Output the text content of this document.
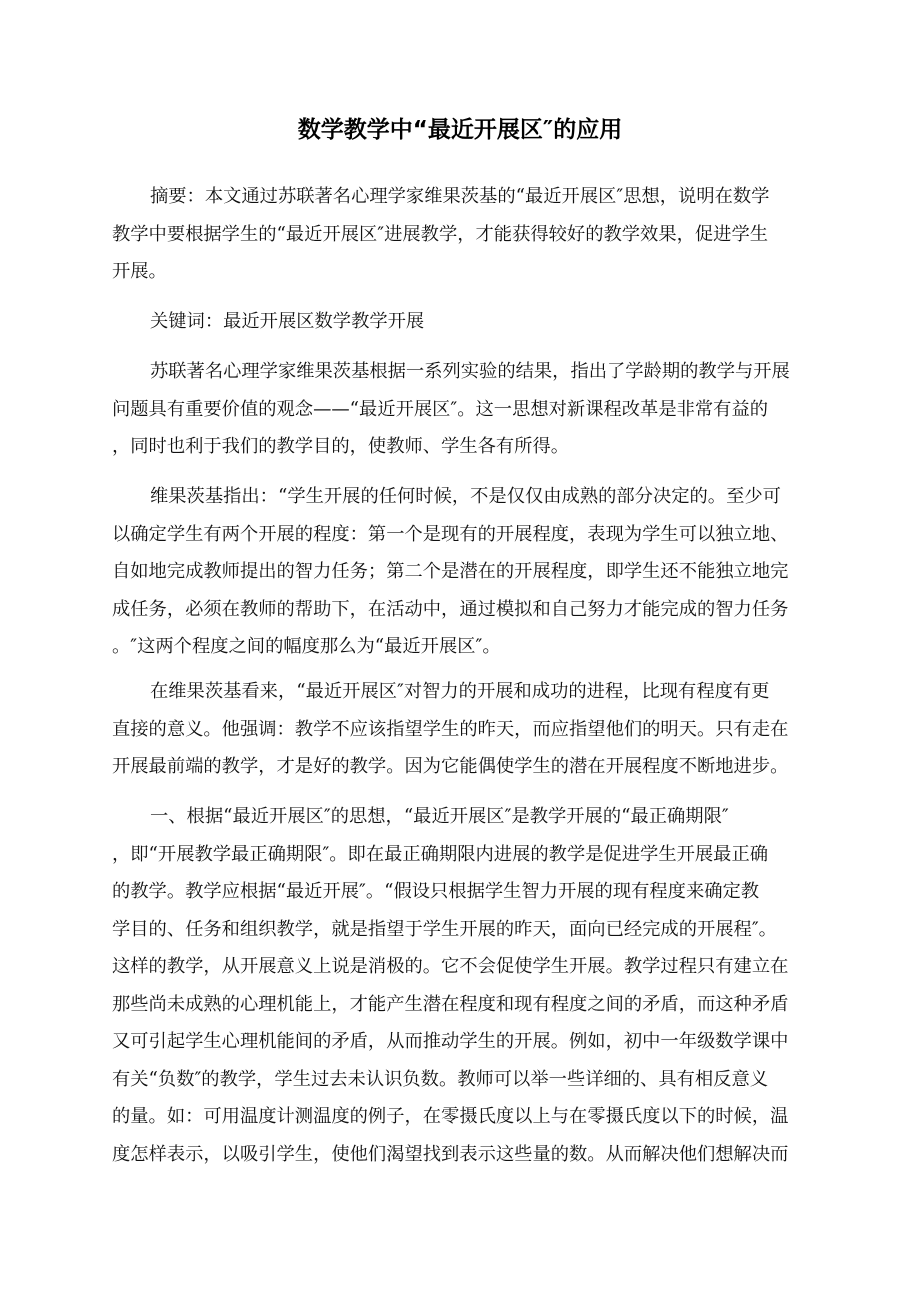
数学教学中“最近开展区″的应用
摘要：本文通过苏联著名心理学家维果茨基的“最近开展区″思想，说明在数学
教学中要根据学生的“最近开展区″进展教学，才能获得较好的教学效果，促进学生
开展。
关键词：最近开展区数学教学开展
苏联著名心理学家维果茨基根据一系列实验的结果，指出了学龄期的教学与开展
问题具有重要价值的观念——“最近开展区″。这一思想对新课程改革是非常有益的
，同时也利于我们的教学目的，使教师、学生各有所得。
维果茨基指出：“学生开展的任何时候，不是仅仅由成熟的部分决定的。至少可
以确定学生有两个开展的程度：第一个是现有的开展程度，表现为学生可以独立地、
自如地完成教师提出的智力任务；第二个是潜在的开展程度，即学生还不能独立地完
成任务，必须在教师的帮助下，在活动中，通过模拟和自己努力才能完成的智力任务
。″这两个程度之间的幅度那么为“最近开展区″。
在维果茨基看来，“最近开展区″对智力的开展和成功的进程，比现有程度有更
直接的意义。他强调：教学不应该指望学生的昨天，而应指望他们的明天。只有走在
开展最前端的教学，才是好的教学。因为它能偶使学生的潜在开展程度不断地进步。
一、根据“最近开展区″的思想，“最近开展区″是教学开展的“最正确期限″
，即“开展教学最正确期限″。即在最正确期限内进展的教学是促进学生开展最正确
的教学。教学应根据“最近开展″。“假设只根据学生智力开展的现有程度来确定教
学目的、任务和组织教学，就是指望于学生开展的昨天，面向已经完成的开展程″。
这样的教学，从开展意义上说是消极的。它不会促使学生开展。教学过程只有建立在
那些尚未成熟的心理机能上，才能产生潜在程度和现有程度之间的矛盾，而这种矛盾
又可引起学生心理机能间的矛盾，从而推动学生的开展。例如，初中一年级数学课中
有关“负数″的教学，学生过去未认识负数。教师可以举一些详细的、具有相反意义
的量。如：可用温度计测温度的例子，在零摄氏度以上与在零摄氏度以下的时候，温
度怎样表示，以吸引学生，使他们渴望找到表示这些量的数。从而解决他们想解决而
